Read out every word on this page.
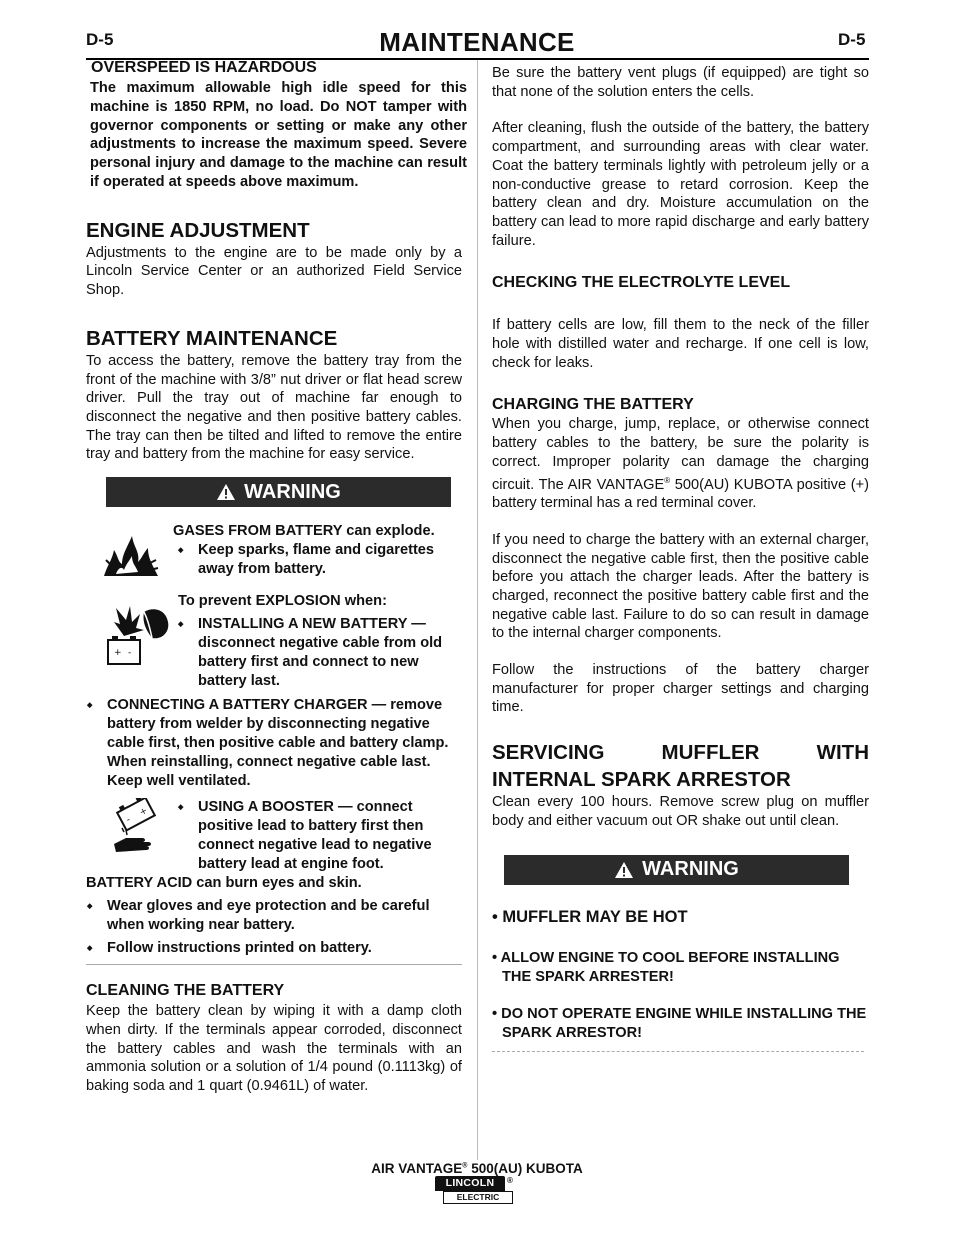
D-5	MAINTENANCE	D-5
OVERSPEED IS HAZARDOUS
The maximum allowable high idle speed for this machine is 1850 RPM, no load. Do NOT tamper with governor components or setting or make any other adjustments to increase the maximum speed. Severe personal injury and damage to the machine can result if operated at speeds above maximum.
ENGINE ADJUSTMENT

Adjustments to the engine are to be made only by a Lincoln Service Center or an authorized Field Service Shop.

BATTERY MAINTENANCE

To access the battery, remove the battery tray from the front of the machine with 3/8” nut driver or flat head screw driver. Pull the tray out of machine far enough to disconnect the negative and then positive battery cables. The tray can then be tilted and lifted to remove the entire tray and battery from the machine for easy service.

WARNING
GASES FROM BATTERY can explode.
◆ Keep sparks, flame and cigarettes away from battery.
To prevent EXPLOSION when:
+ -
◆ INSTALLING A NEW BATTERY — disconnect negative cable from old battery first and connect to new battery last.
◆ CONNECTING A BATTERY CHARGER — remove battery from welder by disconnecting negative cable first, then positive cable and battery clamp. When reinstalling, connect negative cable last. Keep well ventilated.
-
+
◆	USING A BOOSTER — connect positive lead to battery first then connect negative lead to negative battery lead at engine foot.
BATTERY ACID can burn eyes and skin.
◆ Wear gloves and eye protection and be careful when working near battery.
◆ Follow instructions printed on battery.
CLEANING THE BATTERY

Keep the battery clean by wiping it with a damp cloth when dirty. If the terminals appear corroded, disconnect the battery cables and wash the terminals with an ammonia solution or a solution of 1/4 pound (0.1113kg) of baking soda and 1 quart (0.9461L) of water.

Be sure the battery vent plugs (if equipped) are tight so that none of the solution enters the cells.

After cleaning, flush the outside of the battery, the battery compartment, and surrounding areas with clear water. Coat the battery terminals lightly with petroleum jelly or a non-conductive grease to retard corrosion. Keep the battery clean and dry. Moisture accumulation on the battery can lead to more rapid discharge and early battery failure.

CHECKING THE ELECTROLYTE LEVEL

If battery cells are low, fill them to the neck of the filler hole with distilled water and recharge. If one cell is low, check for leaks.

CHARGING THE BATTERY

When you charge, jump, replace, or otherwise connect battery cables to the battery, be sure the polarity is correct. Improper polarity can damage the charging circuit. The AIR VANTAGE® 500(AU) KUBOTA positive (+) battery terminal has a red terminal cover.

If you need to charge the battery with an external charger, disconnect the negative cable first, then the positive cable before you attach the charger leads. After the battery is charged, reconnect the positive battery cable first and the negative cable last. Failure to do so can result in damage to the internal charger components.

Follow the instructions of the battery charger manufacturer for proper charger settings and charging time.

SERVICING MUFFLER WITH INTERNAL SPARK ARRESTOR

Clean every 100 hours. Remove screw plug on muffler body and either vacuum out OR shake out until clean.

WARNING
• MUFFLER MAY BE HOT
• ALLOW ENGINE TO COOL BEFORE INSTALLING THE SPARK ARRESTER!
• DO NOT OPERATE ENGINE WHILE INSTALLING THE SPARK ARRESTOR!
AIR VANTAGE® 500(AU) KUBOTA
LINCOLN
ELECTRIC
®
